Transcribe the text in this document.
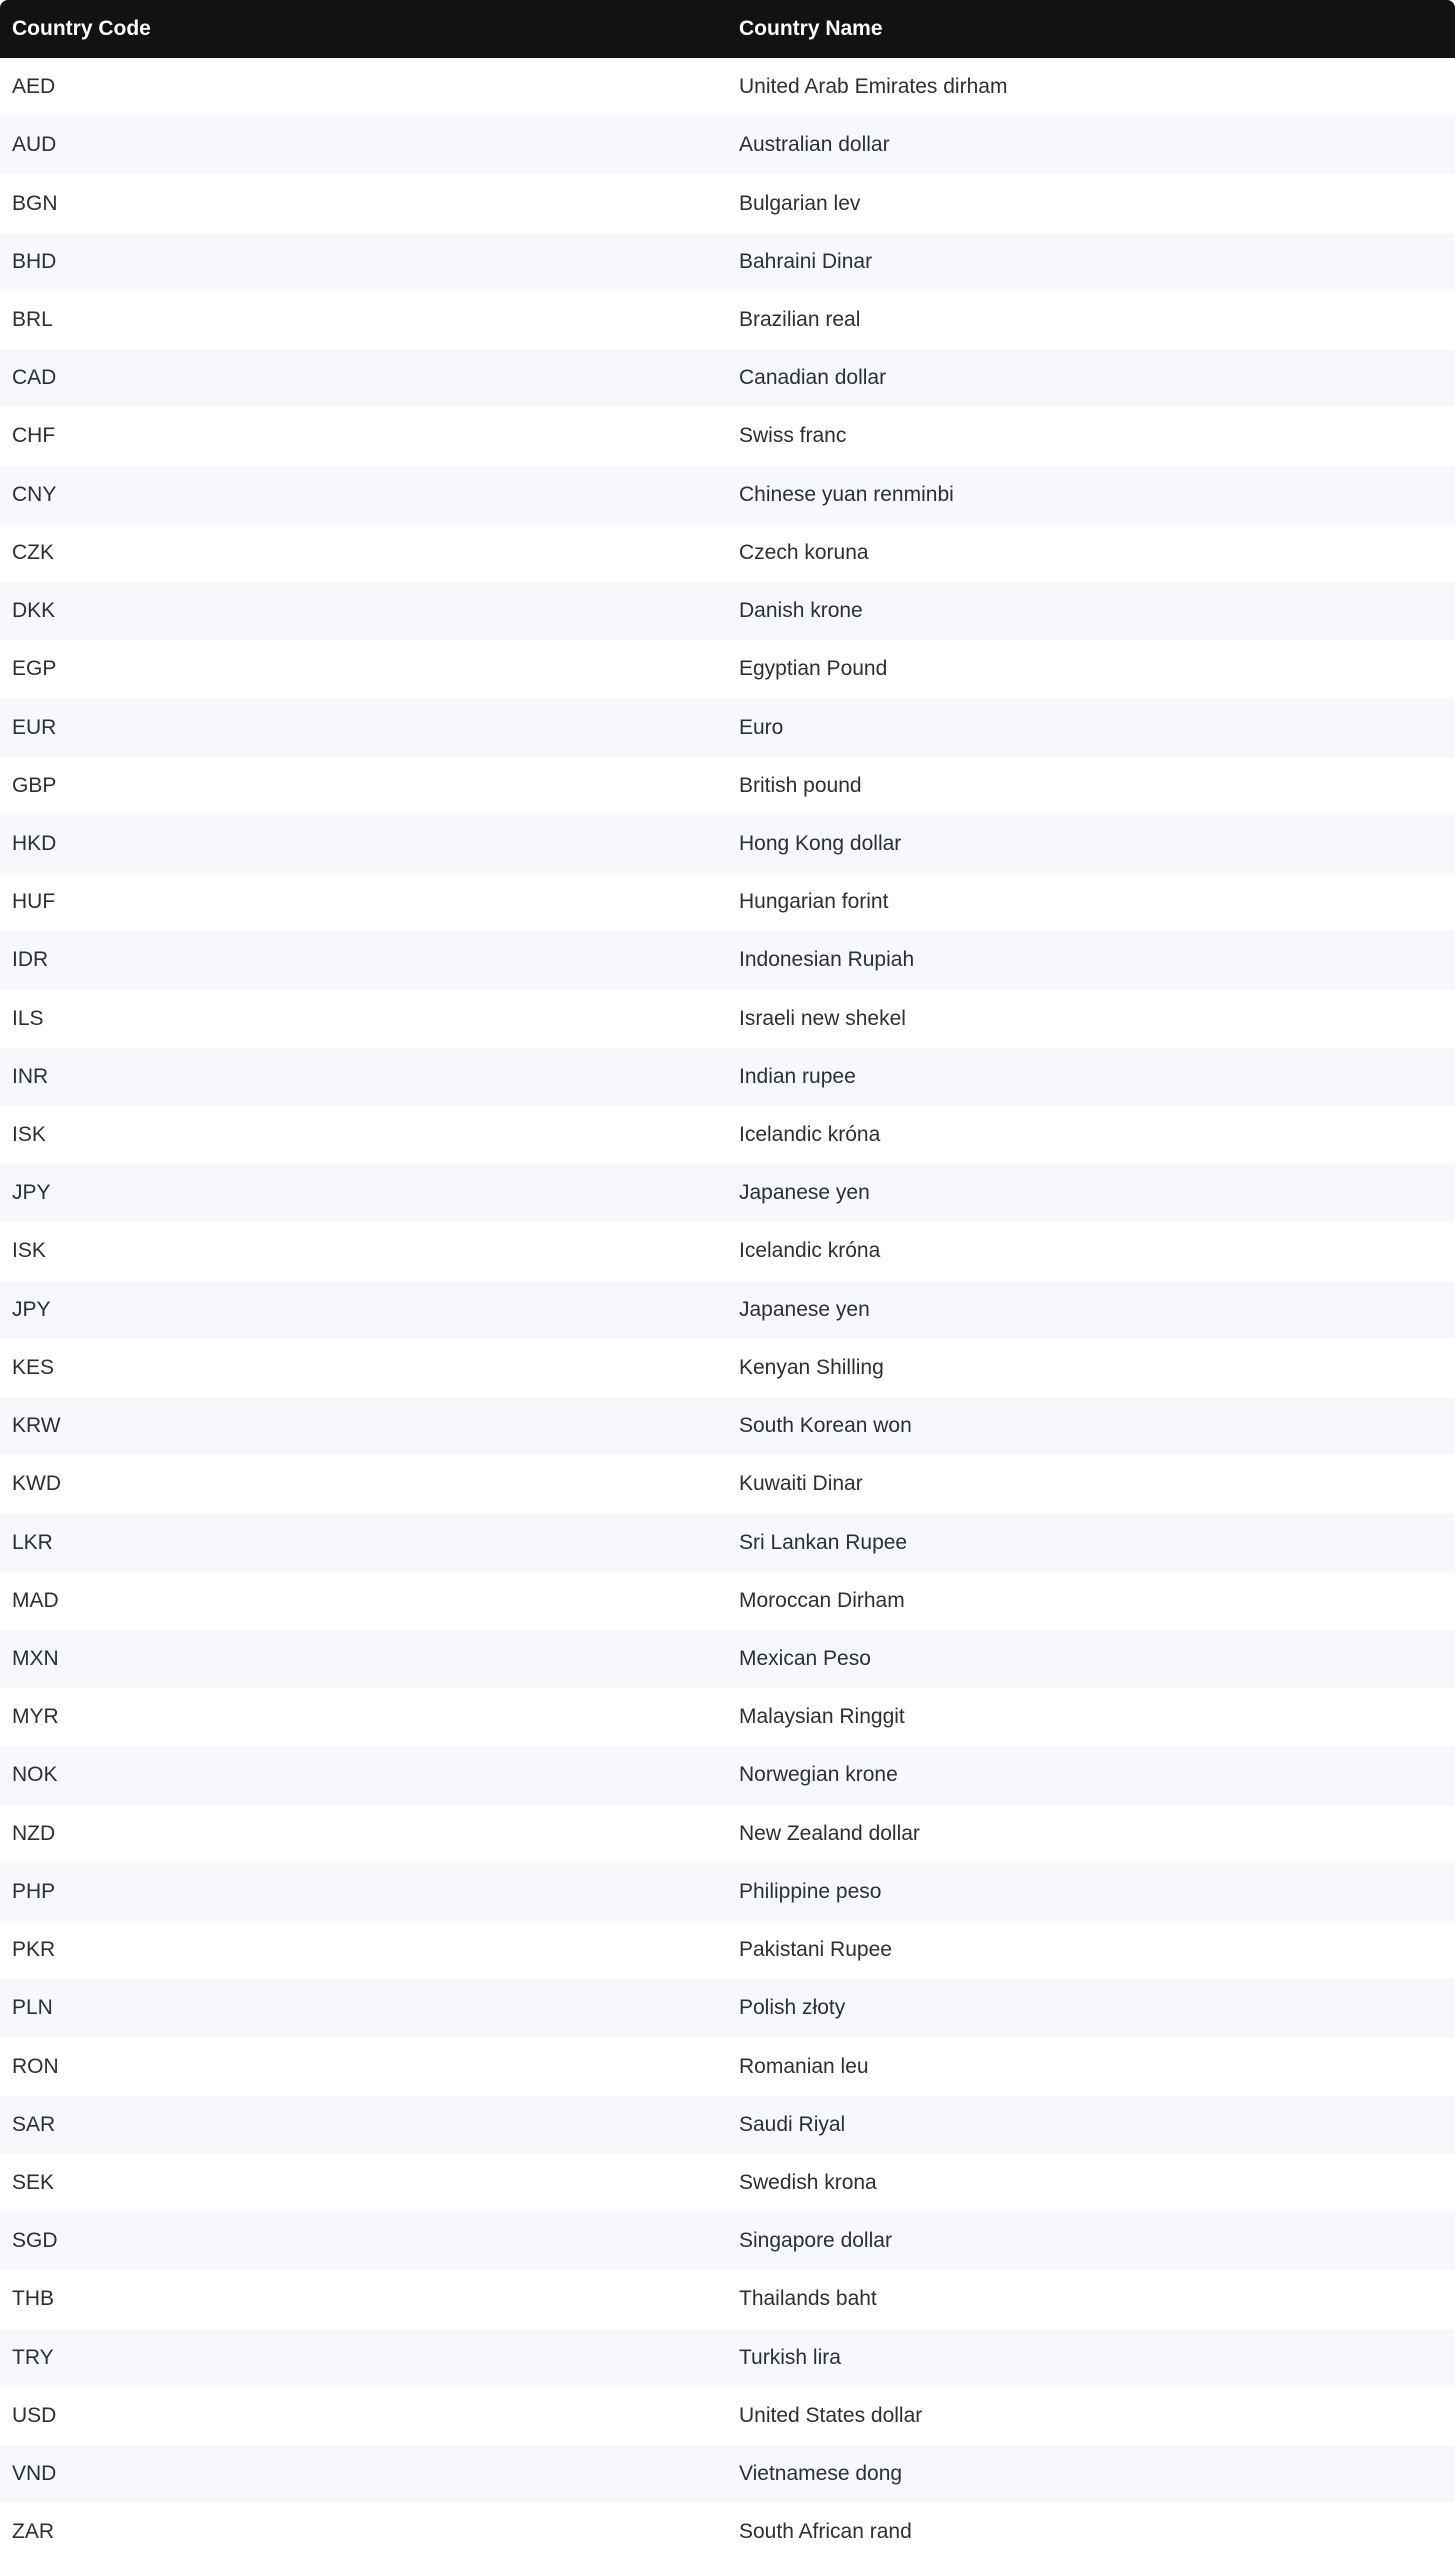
Country Code	Country Name
AED	United Arab Emirates dirham
AUD	Australian dollar
BGN	Bulgarian lev
BHD	Bahraini Dinar
BRL	Brazilian real
CAD	Canadian dollar
CHF	Swiss franc
CNY	Chinese yuan renminbi
CZK	Czech koruna
DKK	Danish krone
EGP	Egyptian Pound
EUR	Euro
GBP	British pound
HKD	Hong Kong dollar
HUF	Hungarian forint
IDR	Indonesian Rupiah
ILS	Israeli new shekel
INR	Indian rupee
ISK	Icelandic króna
JPY	Japanese yen
ISK	Icelandic króna
JPY	Japanese yen
KES	Kenyan Shilling
KRW	South Korean won
KWD	Kuwaiti Dinar
LKR	Sri Lankan Rupee
MAD	Moroccan Dirham
MXN	Mexican Peso
MYR	Malaysian Ringgit
NOK	Norwegian krone
NZD	New Zealand dollar
PHP	Philippine peso
PKR	Pakistani Rupee
PLN	Polish złoty
RON	Romanian leu
SAR	Saudi Riyal
SEK	Swedish krona
SGD	Singapore dollar
THB	Thailands baht
TRY	Turkish lira
USD	United States dollar
VND	Vietnamese dong
ZAR	South African rand
